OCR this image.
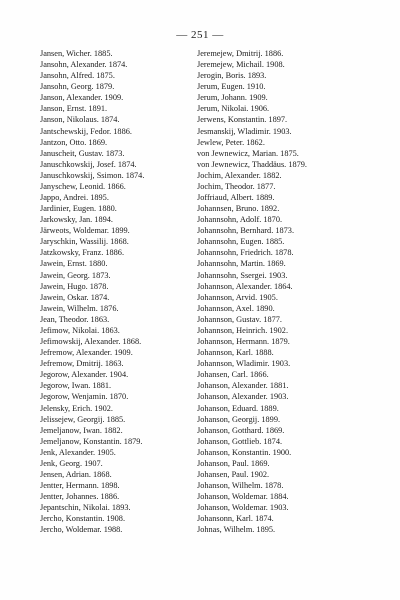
— 251 —
Jansen, Wicher. 1885.
Jansohn, Alexander. 1874.
Jansohn, Alfred. 1875.
Jansohn, Georg. 1879.
Janson, Alexander. 1909.
Janson, Ernst. 1891.
Janson, Nikolaus. 1874.
Jantschewskij, Fedor. 1886.
Jantzon, Otto. 1869.
Januscheit, Gustav. 1873.
Januschkowskij, Josef. 1874.
Januschkowskij, Ssimon. 1874.
Janyschew, Leonid. 1866.
Jappo, Andrei. 1895.
Jardinier, Eugen. 1880.
Jarkowsky, Jan. 1894.
Järweots, Woldemar. 1899.
Jaryschkin, Wassilij. 1868.
Jatzkowsky, Franz. 1886.
Jawein, Ernst. 1880.
Jawein, Georg. 1873.
Jawein, Hugo. 1878.
Jawein, Oskar. 1874.
Jawein, Wilhelm. 1876.
Jean, Theodor. 1863.
Jefimow, Nikolai. 1863.
Jefimowskij, Alexander. 1868.
Jefremow, Alexander. 1909.
Jefremow, Dmitrij. 1863.
Jegorow, Alexander. 1904.
Jegorow, Iwan. 1881.
Jegorow, Wenjamin. 1870.
Jelensky, Erich. 1902.
Jelissejew, Georgij. 1885.
Jemeljanow, Iwan. 1882.
Jemeljanow, Konstantin. 1879.
Jenk, Alexander. 1905.
Jenk, Georg. 1907.
Jensen, Adrian. 1868.
Jentter, Hermann. 1898.
Jentter, Johannes. 1886.
Jepantschin, Nikolai. 1893.
Jercho, Konstantin. 1908.
Jercho, Woldemar. 1988.
Jeremejew, Dmitrij. 1886.
Jeremejew, Michail. 1908.
Jerogin, Boris. 1893.
Jerum, Eugen. 1910.
Jerum, Johann. 1909.
Jerum, Nikolai. 1906.
Jerwens, Konstantin. 1897.
Jesmanskij, Wladimir. 1903.
Jewlew, Peter. 1862.
von Jewnewicz, Marian. 1875.
von Jewnewicz, Thaddäus. 1879.
Jochim, Alexander. 1882.
Jochim, Theodor. 1877.
Joffriaud, Albert. 1889.
Johannsen, Bruno. 1892.
Johannsohn, Adolf. 1870.
Johannsohn, Bernhard. 1873.
Johannsohn, Eugen. 1885.
Johannsohn, Friedrich. 1878.
Johannsohn, Martin. 1869.
Johannsohn, Ssergei. 1903.
Johannson, Alexander. 1864.
Johannson, Arvid. 1905.
Johannson, Axel. 1890.
Johannson, Gustav. 1877.
Johannson, Heinrich. 1902.
Johannson, Hermann. 1879.
Johannson, Karl. 1888.
Johannson, Wladimir. 1903.
Johansen, Carl. 1866.
Johanson, Alexander. 1881.
Johanson, Alexander. 1903.
Johanson, Eduard. 1889.
Johanson, Georgij. 1899.
Johanson, Gotthard. 1869.
Johanson, Gottlieb. 1874.
Johanson, Konstantin. 1900.
Johanson, Paul. 1869.
Johansen, Paul. 1902.
Johanson, Wilhelm. 1878.
Johanson, Woldemar. 1884.
Johanson, Woldemar. 1903.
Johansonn, Karl. 1874.
Johnas, Wilhelm. 1895.
